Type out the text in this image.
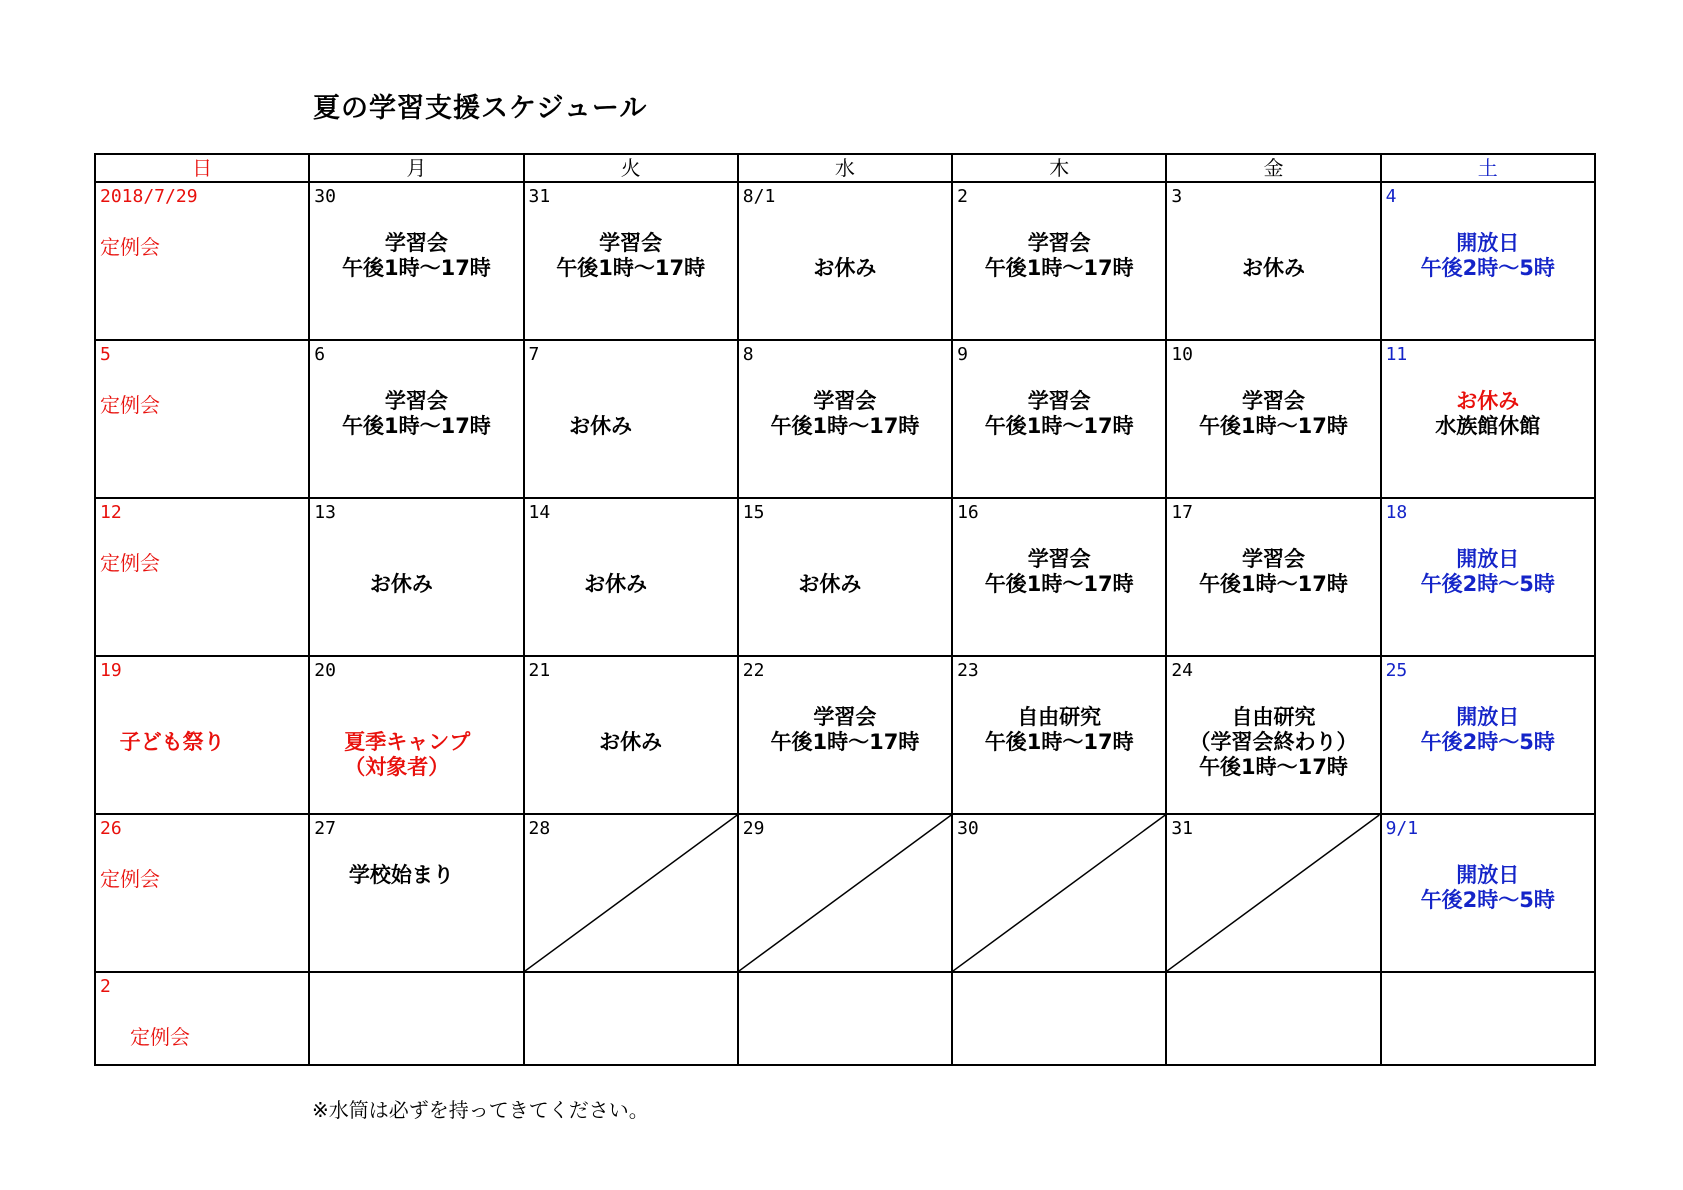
夏の学習支援スケジュール
日	月	火	水	木	金	土

2018/7/29
定例会	30
学習会
午後1時～17時	31
学習会
午後1時～17時	8/1
お休み	2
学習会
午後1時～17時	3
お休み	4
開放日
午後2時～5時

5
定例会	6
学習会
午後1時～17時	7
お休み	8
学習会
午後1時～17時	9
学習会
午後1時～17時	10
学習会
午後1時～17時	11
お休み
水族館休館

12
定例会	13
お休み	14
お休み	15
お休み	16
学習会
午後1時～17時	17
学習会
午後1時～17時	18
開放日
午後2時～5時

19
子ども祭り	20
夏季キャンプ
（対象者）	21
お休み	22
学習会
午後1時～17時	23
自由研究
午後1時～17時	24
自由研究
（学習会終わり）
午後1時～17時	25
開放日
午後2時～5時

26
定例会	27
学校始まり	28	29	30	31	9/1
開放日
午後2時～5時

2
定例会						

※水筒は必ずを持ってきてください。
